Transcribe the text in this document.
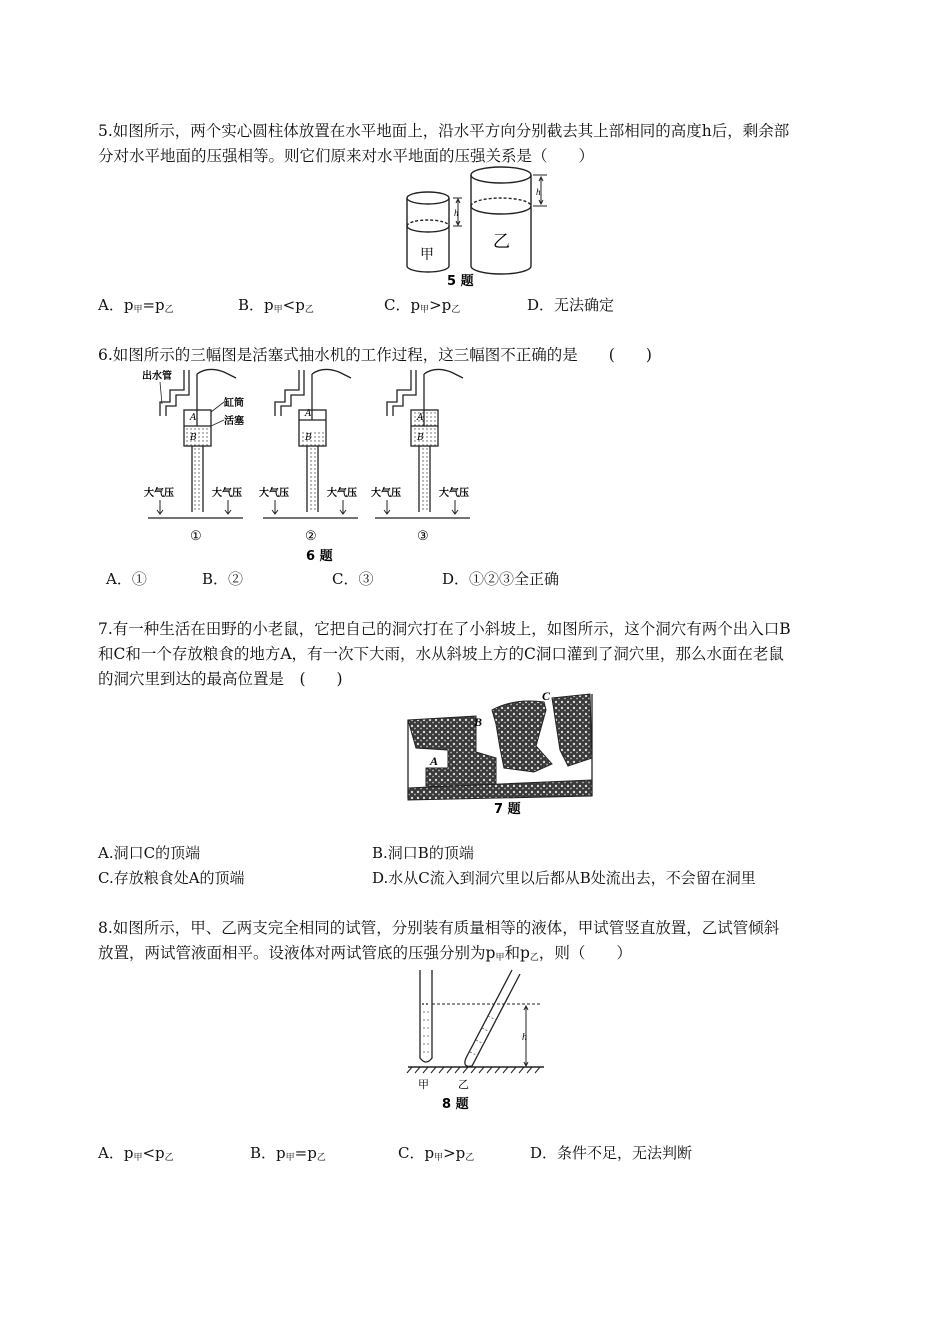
5.如图所示，两个实心圆柱体放置在水平地面上，沿水平方向分别截去其上部相同的高度h后，剩余部
分对水平地面的压强相等。则它们原来对水平地面的压强关系是（　　）
h
甲
h
乙
5 题
A．$p_甲=p_乙$	B．$p_甲<p_乙$	C．$p_甲>p_乙$	D．无法确定
6.如图所示的三幅图是活塞式抽水机的工作过程，这三幅图不正确的是　　(　　)
A
B
出水管
缸筒
活塞
大气压	大气压
①
A
B
大气压	大气压
②
A
B
大气压	大气压
③
6 题
A．①	B．②	C．③	D．①②③全正确
7.有一种生活在田野的小老鼠，它把自己的洞穴打在了小斜坡上，如图所示，这个洞穴有两个出入口B
和C和一个存放粮食的地方A，有一次下大雨，水从斜坡上方的C洞口灌到了洞穴里，那么水面在老鼠
的洞穴里到达的最高位置是　(　　)
B
C
A
7 题
A.洞口C的顶端	B.洞口B的顶端
C.存放粮食处A的顶端	D.水从C流入到洞穴里以后都从B处流出去，不会留在洞里
8.如图所示，甲、乙两支完全相同的试管，分别装有质量相等的液体，甲试管竖直放置，乙试管倾斜
放置，两试管液面相平。设液体对两试管底的压强分别为$p_甲$和$p_乙$，则（　　）
h
甲	乙
8 题
A．$p_甲<p_乙$	B．$p_甲=p_乙$	C．$p_甲>p_乙$	D．条件不足，无法判断
